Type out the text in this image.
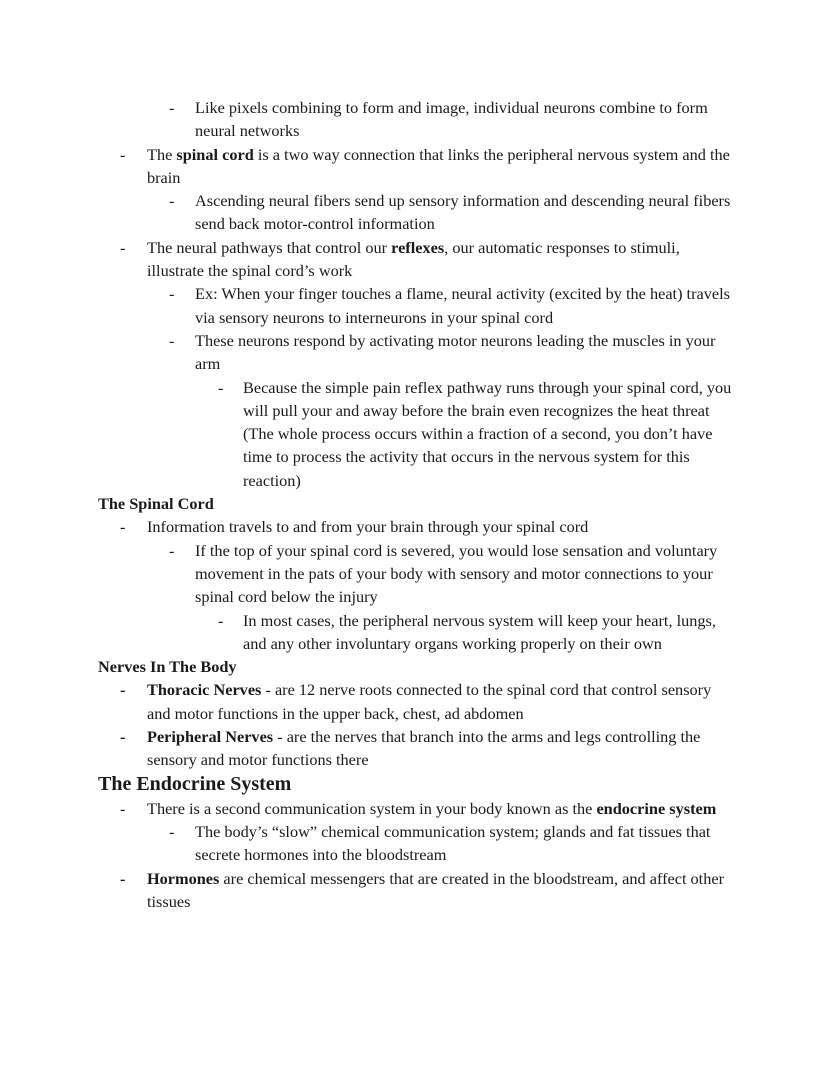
- Like pixels combining to form and image, individual neurons combine to form neural networks
- The spinal cord is a two way connection that links the peripheral nervous system and the brain
- Ascending neural fibers send up sensory information and descending neural fibers send back motor-control information
- The neural pathways that control our reflexes, our automatic responses to stimuli, illustrate the spinal cord’s work
- Ex: When your finger touches a flame, neural activity (excited by the heat) travels via sensory neurons to interneurons in your spinal cord
- These neurons respond by activating motor neurons leading the muscles in your arm
- Because the simple pain reflex pathway runs through your spinal cord, you will pull your and away before the brain even recognizes the heat threat (The whole process occurs within a fraction of a second, you don’t have time to process the activity that occurs in the nervous system for this reaction)
The Spinal Cord
- Information travels to and from your brain through your spinal cord
- If the top of your spinal cord is severed, you would lose sensation and voluntary movement in the pats of your body with sensory and motor connections to your spinal cord below the injury
- In most cases, the peripheral nervous system will keep your heart, lungs, and any other involuntary organs working properly on their own
Nerves In The Body
- Thoracic Nerves - are 12 nerve roots connected to the spinal cord that control sensory and motor functions in the upper back, chest, ad abdomen
- Peripheral Nerves - are the nerves that branch into the arms and legs controlling the sensory and motor functions there
The Endocrine System
- There is a second communication system in your body known as the endocrine system
- The body’s “slow” chemical communication system; glands and fat tissues that secrete hormones into the bloodstream
- Hormones are chemical messengers that are created in the bloodstream, and affect other tissues
